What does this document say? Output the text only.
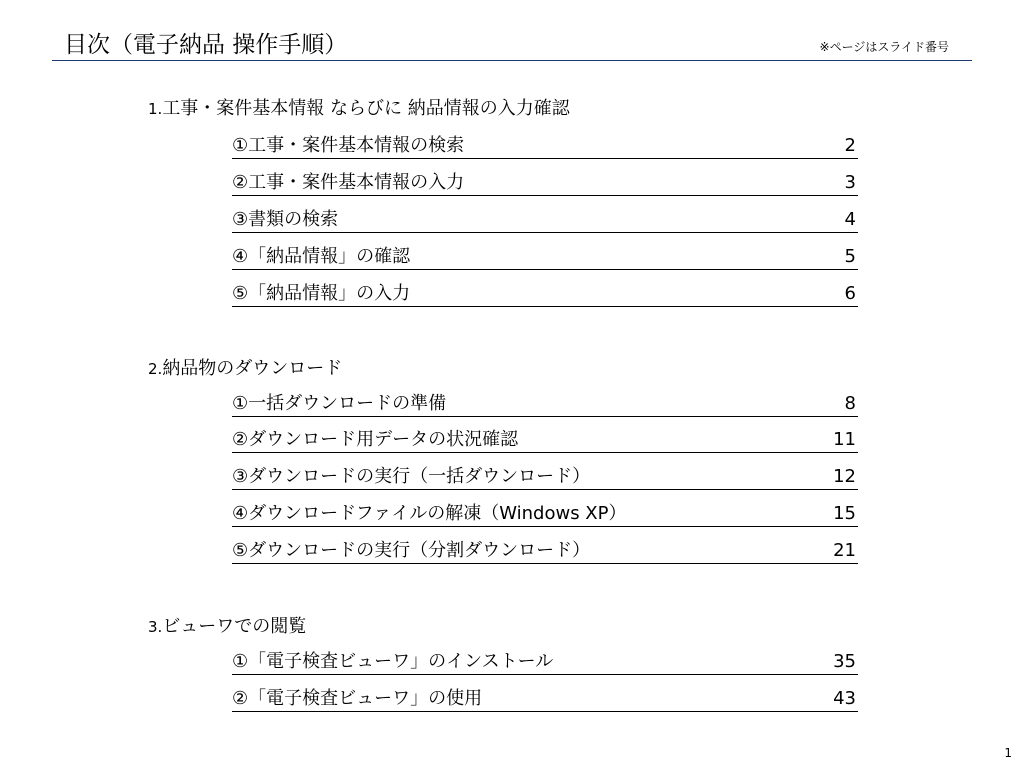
目次（電子納品 操作手順）	※ページはスライド番号
1.工事・案件基本情報 ならびに 納品情報の入力確認
①工事・案件基本情報の検索	2
②工事・案件基本情報の入力	3
③書類の検索	4
④「納品情報」の確認	5
⑤「納品情報」の入力	6
2.納品物のダウンロード
①一括ダウンロードの準備	8
②ダウンロード用データの状況確認	11
③ダウンロードの実行（一括ダウンロード）	12
④ダウンロードファイルの解凍（Windows XP）	15
⑤ダウンロードの実行（分割ダウンロード）	21
3.ビューワでの閲覧
①「電子検査ビューワ」のインストール	35
②「電子検査ビューワ」の使用	43
1
